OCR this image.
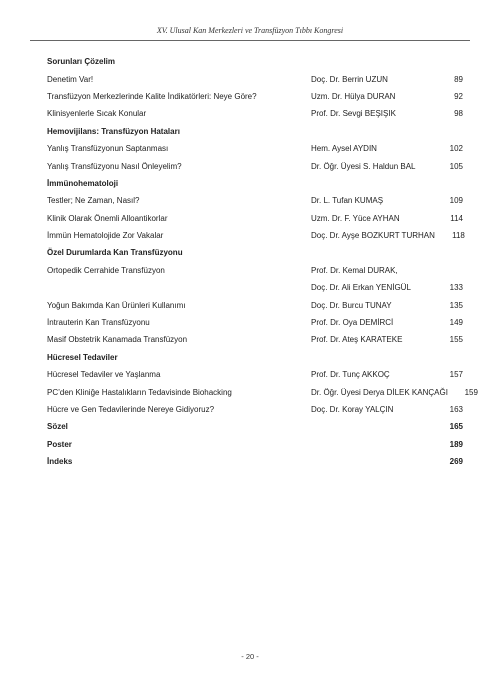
XV. Ulusal Kan Merkezleri ve Transfüzyon Tıbbı Kongresi
Sorunları Çözelim
Denetim Var!	Doç. Dr. Berrin UZUN	89
Transfüzyon Merkezlerinde Kalite İndikatörleri: Neye Göre?	Uzm. Dr. Hülya DURAN	92
Klinisyenlerle Sıcak Konular	Prof. Dr. Sevgi BEŞIŞIK	98
Hemovijilans: Transfüzyon Hataları
Yanlış Transfüzyonun Saptanması	Hem. Aysel AYDIN	102
Yanlış Transfüzyonu Nasıl Önleyelim?	Dr. Öğr. Üyesi S. Haldun BAL	105
İmmünohematoloji
Testler; Ne Zaman, Nasıl?	Dr. L. Tufan KUMAŞ	109
Klinik Olarak Önemli Alloantikorlar	Uzm. Dr. F. Yüce AYHAN	114
İmmün Hematolojide Zor Vakalar	Doç. Dr. Ayşe BOZKURT TURHAN	118
Özel Durumlarda Kan Transfüzyonu
Ortopedik Cerrahide Transfüzyon	Prof. Dr. Kemal DURAK,
Doç. Dr. Ali Erkan YENİGÜL	133
Yoğun Bakımda Kan Ürünleri Kullanımı	Doç. Dr. Burcu TUNAY	135
İntrauterin Kan Transfüzyonu	Prof. Dr. Oya DEMİRCİ	149
Masif Obstetrik Kanamada Transfüzyon	Prof. Dr. Ateş KARATEKE	155
Hücresel Tedaviler
Hücresel Tedaviler ve Yaşlanma	Prof. Dr. Tunç AKKOÇ	157
PC’den Kliniğe Hastalıkların Tedavisinde Biohacking	Dr. Öğr. Üyesi Derya DİLEK KANÇAĞI	159
Hücre ve Gen Tedavilerinde Nereye Gidiyoruz?	Doç. Dr. Koray YALÇIN	163
Sözel	165
Poster	189
İndeks	269
- 20 -
